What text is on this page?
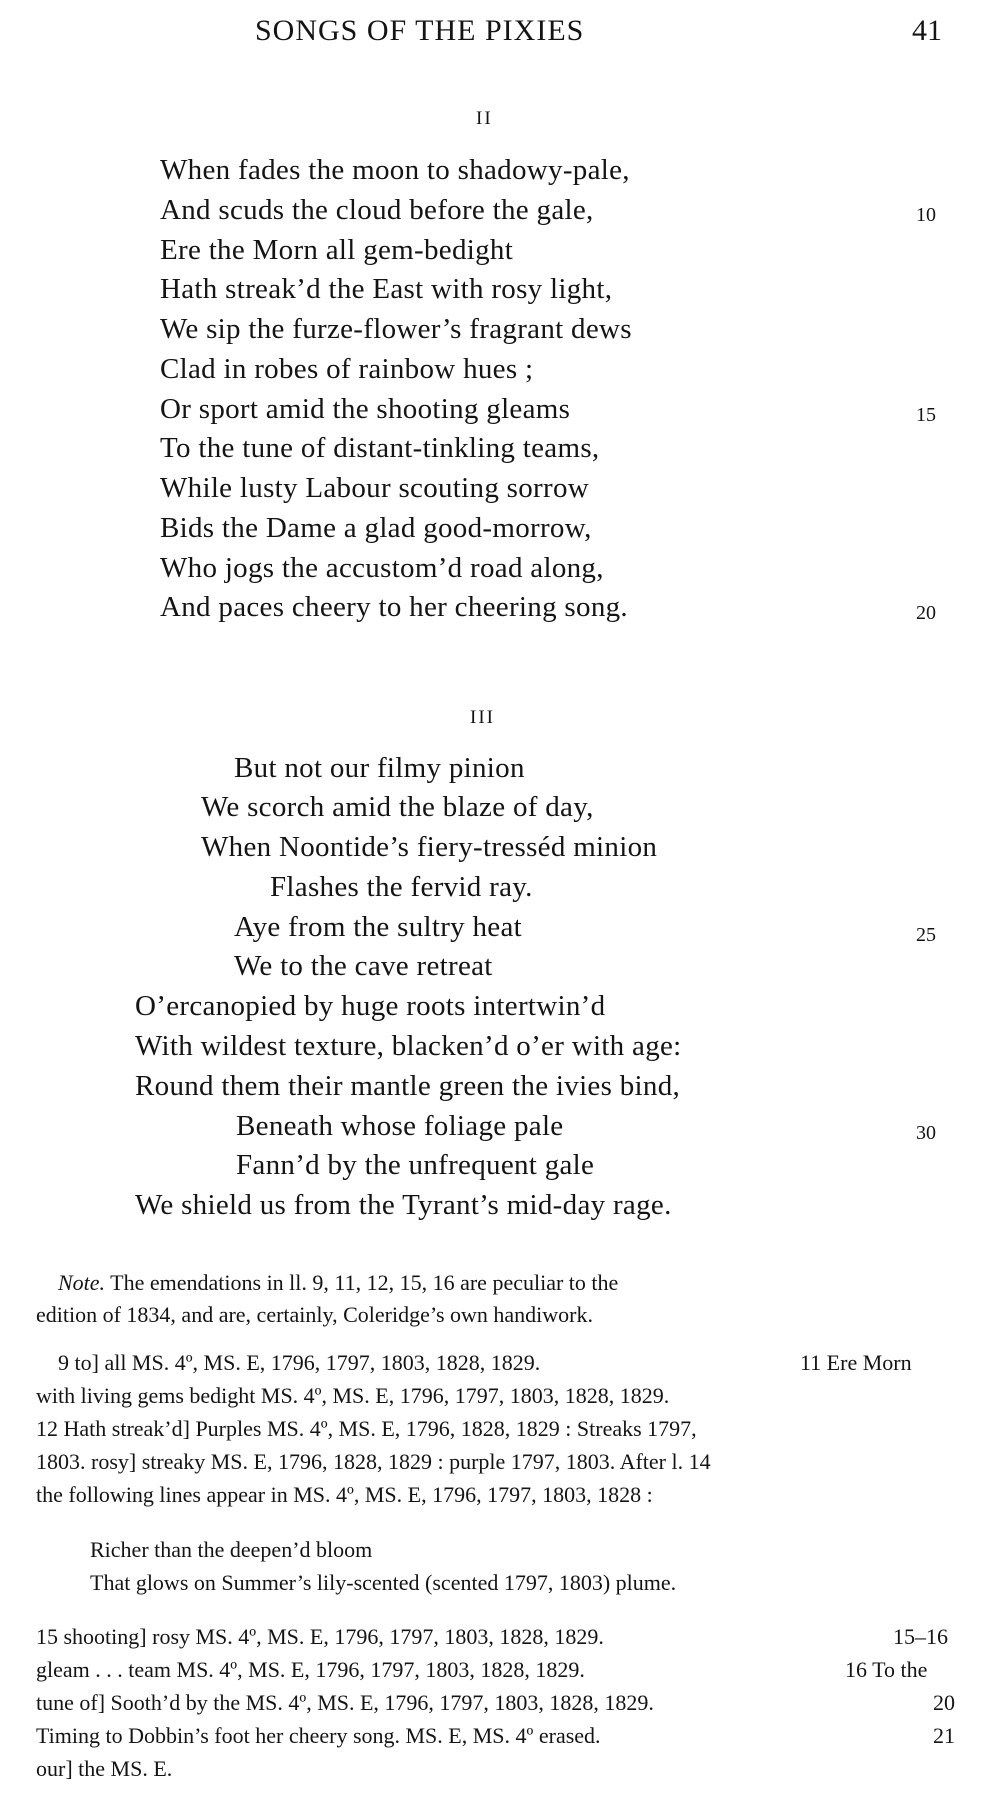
SONGS OF THE PIXIES	41
II
When fades the moon to shadowy-pale,
And scuds the cloud before the gale,
Ere the Morn all gem-bedight
Hath streak’d the East with rosy light,
We sip the furze-flower’s fragrant dews
Clad in robes of rainbow hues ;
Or sport amid the shooting gleams
To the tune of distant-tinkling teams,
While lusty Labour scouting sorrow
Bids the Dame a glad good-morrow,
Who jogs the accustom’d road along,
And paces cheery to her cheering song.
10
15
20
III
But not our filmy pinion
We scorch amid the blaze of day,
When Noontide’s fiery-tresséd minion
Flashes the fervid ray.
Aye from the sultry heat
We to the cave retreat
O’ercanopied by huge roots intertwin’d
With wildest texture, blacken’d o’er with age:
Round them their mantle green the ivies bind,
Beneath whose foliage pale
Fann’d by the unfrequent gale
We shield us from the Tyrant’s mid-day rage.
25
30
Note. The emendations in ll. 9, 11, 12, 15, 16 are peculiar to the
edition of 1834, and are, certainly, Coleridge’s own handiwork.
9 to] all MS. 4º, MS. E, 1796, 1797, 1803, 1828, 1829.	11 Ere Morn
with living gems bedight MS. 4º, MS. E, 1796, 1797, 1803, 1828, 1829.
12 Hath streak’d] Purples MS. 4º, MS. E, 1796, 1828, 1829 : Streaks 1797,
1803. rosy] streaky MS. E, 1796, 1828, 1829 : purple 1797, 1803. After l. 14
the following lines appear in MS. 4º, MS. E, 1796, 1797, 1803, 1828 :
Richer than the deepen’d bloom
That glows on Summer’s lily-scented (scented 1797, 1803) plume.
15 shooting] rosy MS. 4º, MS. E, 1796, 1797, 1803, 1828, 1829.	15–16
gleam . . . team MS. 4º, MS. E, 1796, 1797, 1803, 1828, 1829.	16 To the
tune of] Sooth’d by the MS. 4º, MS. E, 1796, 1797, 1803, 1828, 1829.	20
Timing to Dobbin’s foot her cheery song. MS. E, MS. 4º erased.	21
our] the MS. E.
